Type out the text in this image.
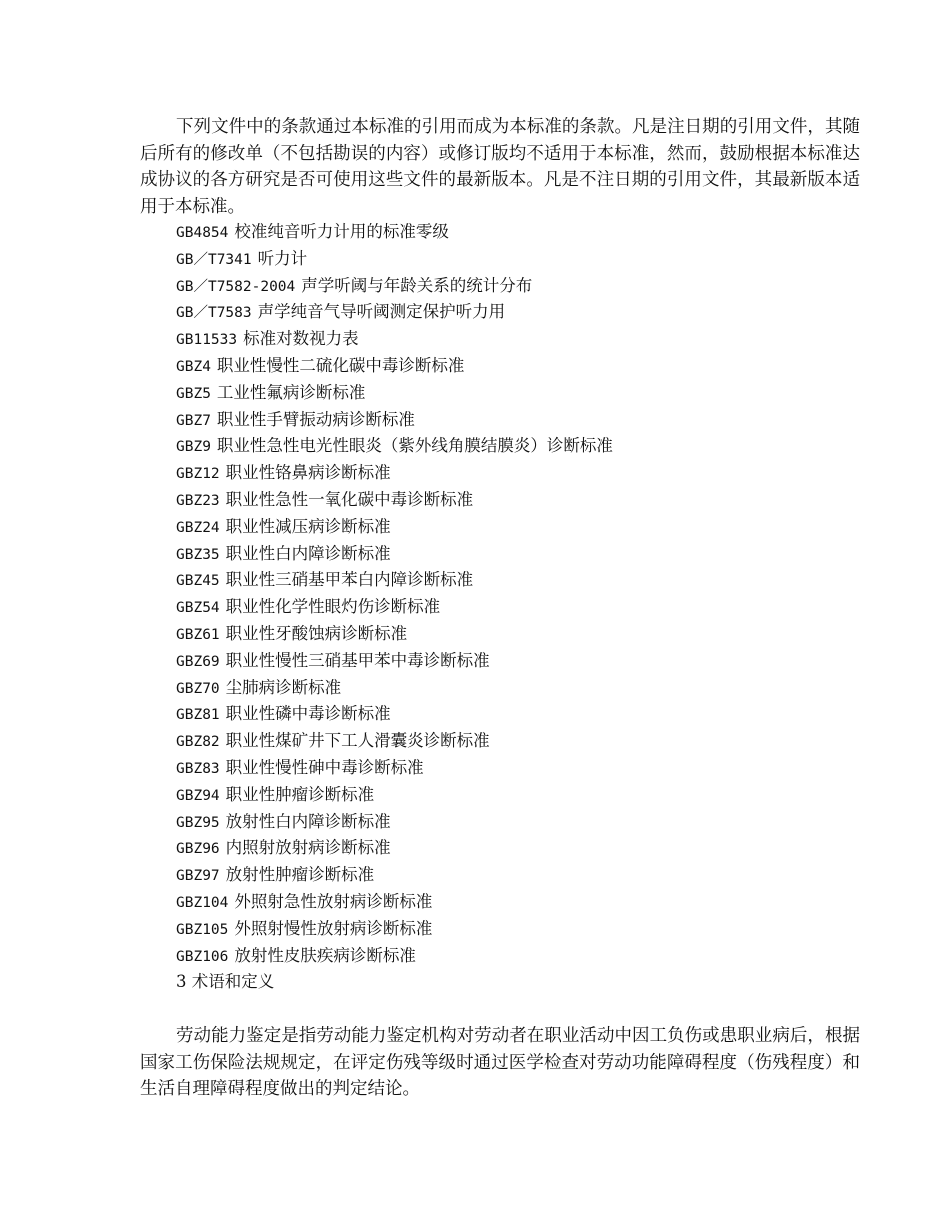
下列文件中的条款通过本标准的引用而成为本标准的条款。凡是注日期的引用文件，其随后所有的修改单（不包括勘误的内容）或修订版均不适用于本标准，然而，鼓励根据本标准达成协议的各方研究是否可使用这些文件的最新版本。凡是不注日期的引用文件，其最新版本适用于本标准。

GB4854 校准纯音听力计用的标准零级
GB／T7341 听力计
GB／T7582-2004 声学听阈与年龄关系的统计分布
GB／T7583 声学纯音气导听阈测定保护听力用
GB11533 标准对数视力表
GBZ4 职业性慢性二硫化碳中毒诊断标准
GBZ5 工业性氟病诊断标准
GBZ7 职业性手臂振动病诊断标准
GBZ9 职业性急性电光性眼炎（紫外线角膜结膜炎）诊断标准
GBZ12 职业性铬鼻病诊断标准
GBZ23 职业性急性一氧化碳中毒诊断标准
GBZ24 职业性减压病诊断标准
GBZ35 职业性白内障诊断标准
GBZ45 职业性三硝基甲苯白内障诊断标准
GBZ54 职业性化学性眼灼伤诊断标准
GBZ61 职业性牙酸蚀病诊断标准
GBZ69 职业性慢性三硝基甲苯中毒诊断标准
GBZ70 尘肺病诊断标准
GBZ81 职业性磷中毒诊断标准
GBZ82 职业性煤矿井下工人滑囊炎诊断标准
GBZ83 职业性慢性砷中毒诊断标准
GBZ94 职业性肿瘤诊断标准
GBZ95 放射性白内障诊断标准
GBZ96 内照射放射病诊断标准
GBZ97 放射性肿瘤诊断标准
GBZ104 外照射急性放射病诊断标准
GBZ105 外照射慢性放射病诊断标准
GBZ106 放射性皮肤疾病诊断标准
3 术语和定义

劳动能力鉴定是指劳动能力鉴定机构对劳动者在职业活动中因工负伤或患职业病后，根据国家工伤保险法规规定，在评定伤残等级时通过医学检查对劳动功能障碍程度（伤残程度）和生活自理障碍程度做出的判定结论。
